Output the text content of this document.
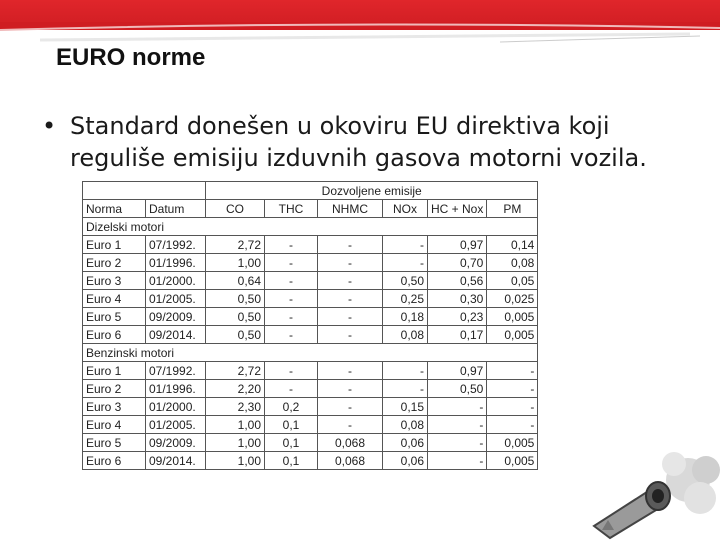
EURO norme
• Standard donešen u okoviru EU direktiva koji reguliše emisiju izduvnih gasova motorni vozila.
		Dozvoljene emisije					
Norma	Datum	CO	THC	NHMC	NOx	HC + Nox	PM
Dizelski motori							
Euro 1	07/1992.	2,72	-	-	-	0,97	0,14
Euro 2	01/1996.	1,00	-	-	-	0,70	0,08
Euro 3	01/2000.	0,64	-	-	0,50	0,56	0,05
Euro 4	01/2005.	0,50	-	-	0,25	0,30	0,025
Euro 5	09/2009.	0,50	-	-	0,18	0,23	0,005
Euro 6	09/2014.	0,50	-	-	0,08	0,17	0,005
Benzinski motori							
Euro 1	07/1992.	2,72	-	-	-	0,97	-
Euro 2	01/1996.	2,20	-	-	-	0,50	-
Euro 3	01/2000.	2,30	0,2	-	0,15	-	-
Euro 4	01/2005.	1,00	0,1	-	0,08	-	-
Euro 5	09/2009.	1,00	0,1	0,068	0,06	-	0,005
Euro 6	09/2014.	1,00	0,1	0,068	0,06	-	0,005
